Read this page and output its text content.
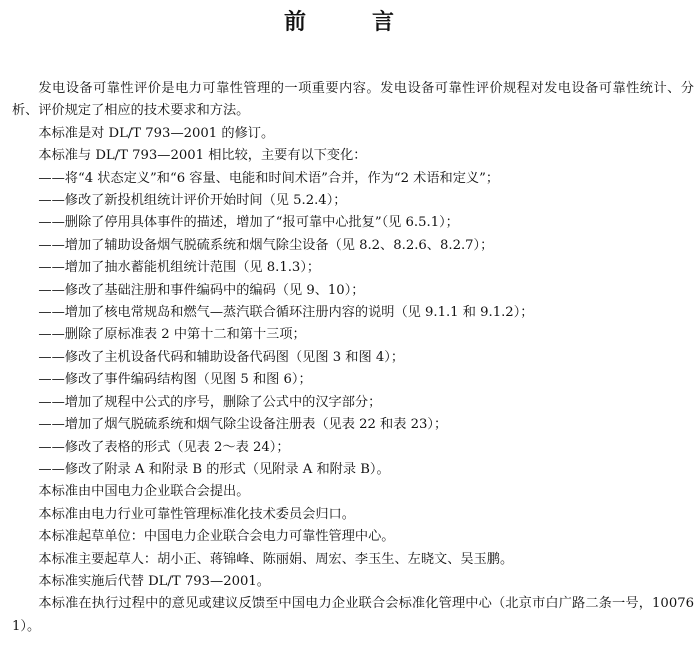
前　言

发电设备可靠性评价是电力可靠性管理的一项重要内容。发电设备可靠性评价规程对发电设备可靠性统计、分析、评价规定了相应的技术要求和方法。

本标准是对 DL/T 793—2001 的修订。

本标准与 DL/T 793—2001 相比较，主要有以下变化：

——将“4 状态定义”和“6 容量、电能和时间术语”合并，作为“2 术语和定义”；

——修改了新投机组统计评价开始时间（见 5.2.4）；

——删除了停用具体事件的描述，增加了“报可靠中心批复”（见 6.5.1）；

——增加了辅助设备烟气脱硫系统和烟气除尘设备（见 8.2、8.2.6、8.2.7）；

——增加了抽水蓄能机组统计范围（见 8.1.3）；

——修改了基础注册和事件编码中的编码（见 9、10）；

——增加了核电常规岛和燃气—蒸汽联合循环注册内容的说明（见 9.1.1 和 9.1.2）；

——删除了原标准表 2 中第十二和第十三项；

——修改了主机设备代码和辅助设备代码图（见图 3 和图 4）；

——修改了事件编码结构图（见图 5 和图 6）；

——增加了规程中公式的序号，删除了公式中的汉字部分；

——增加了烟气脱硫系统和烟气除尘设备注册表（见表 22 和表 23）；

——修改了表格的形式（见表 2～表 24）；

——修改了附录 A 和附录 B 的形式（见附录 A 和附录 B）。

本标准由中国电力企业联合会提出。

本标准由电力行业可靠性管理标准化技术委员会归口。

本标准起草单位：中国电力企业联合会电力可靠性管理中心。

本标准主要起草人：胡小正、蒋锦峰、陈丽娟、周宏、李玉生、左晓文、吴玉鹏。

本标准实施后代替 DL/T 793—2001。

本标准在执行过程中的意见或建议反馈至中国电力企业联合会标准化管理中心（北京市白广路二条一号，100761）。
